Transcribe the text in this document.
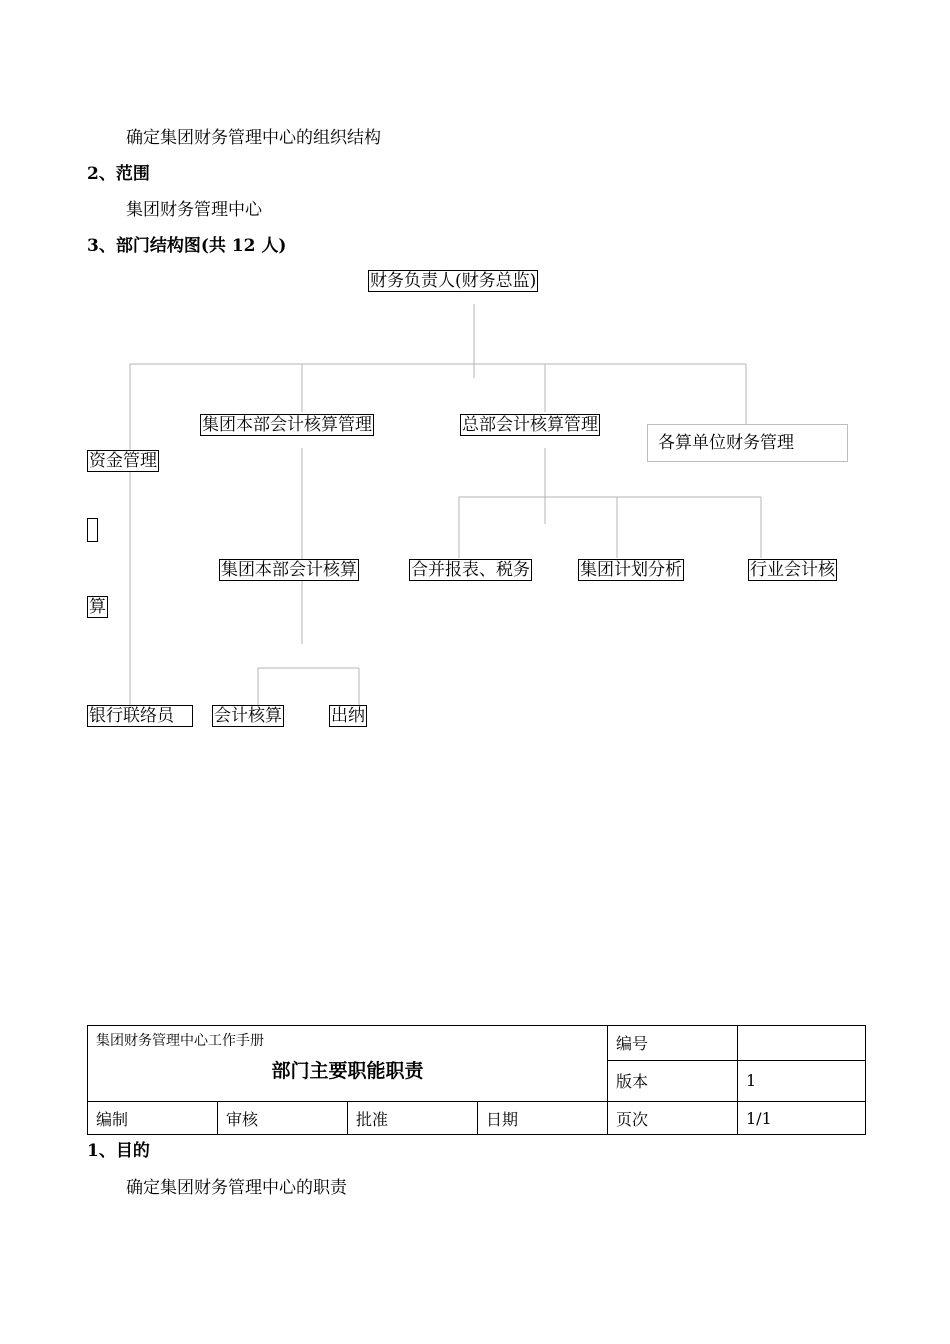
确定集团财务管理中心的组织结构
2、范围
集团财务管理中心
3、部门结构图(共 12 人)
财务负责人(财务总监)
集团本部会计核算管理	总部会计核算管理
各算单位财务管理
资金管理
算
集团本部会计核算	合并报表、税务	集团计划分析	行业会计核
银行联络员	会计核算	出纳
集团财务管理中心工作手册
部门主要职能职责				编号	
				版本	1
编制	审核	批准	日期	页次	1/1
1、目的
确定集团财务管理中心的职责
